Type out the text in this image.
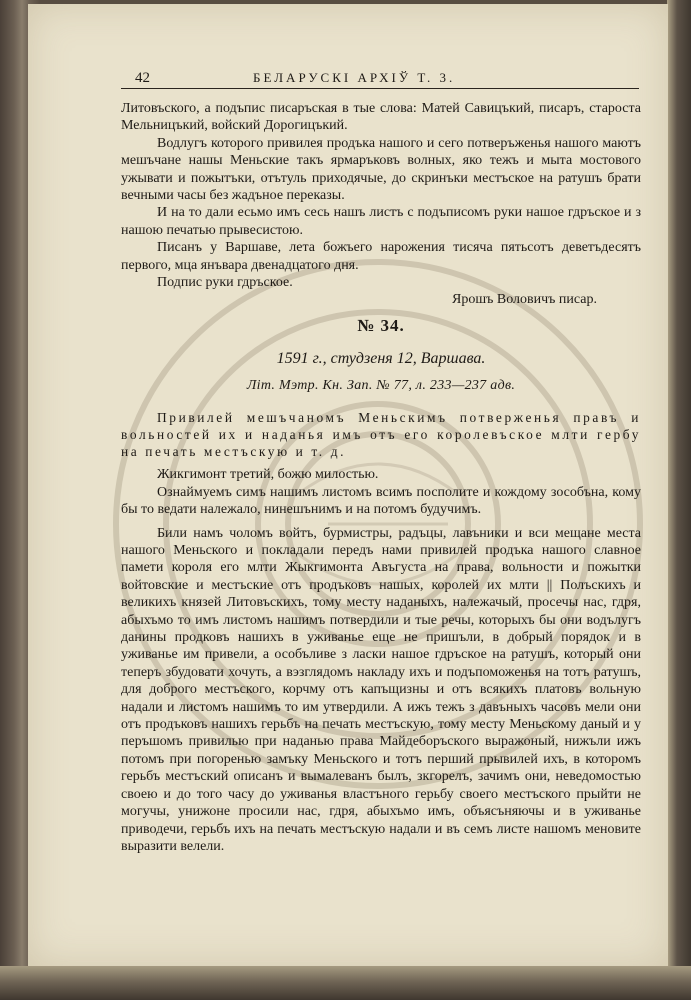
42	БЕЛАРУСКІ АРХІЎ Т. 3.

Литовъского, а подъпис писаръская в тые слова: Матей Савицъкий, писаръ, староста Мельницъкий, войский Дорогицъкий.

Водлугъ которого привилея продъка нашого и сего потверъженья нашого маютъ мешъчане нашы Меньские такъ ярмаръковъ волных, яко тежъ и мыта мостового ужывати и пожытъки, отътуль приходячые, до скринъки местъское на ратушъ брати вечными часы без жадъное переказы.

И на то дали есьмо имъ сесь нашъ листъ с подъписомъ руки нашое гдръское и з нашою печатью прывесистою.

Писанъ у Варшаве, лета божъего нарожения тисяча пятьсотъ деветъдесятъ первого, мца янъвара двенадцатого дня.

Подпис руки гдръское.

Ярошъ Воловичъ писар.

№ 34.
1591 г., студзеня 12, Варшава.
Літ. Мэтр. Кн. Зап. № 77, л. 233—237 адв.

Привилей мешъчаномъ Меньскимъ потверженья правъ и вольностей их и наданья имъ отъ его королевъское млти гербу на печать местъскую и т. д.

Жикгимонт третий, божю милостью.

Ознаймуемъ симъ нашимъ листомъ всимъ посполите и кождому зособъна, кому бы то ведати належало, нинешънимъ и на потомъ будучимъ.

Били намъ чоломъ войтъ, бурмистры, радъцы, лавъники и вси мещане места нашого Меньского и покладали передъ нами привилей продъка нашого славное памети короля его млти Жыкгимонта Авъгуста на права, вольности и пожытки войтовские и местъские отъ продъковъ нашых, королей их млти || Полъскихъ и великихъ князей Литовъскихъ, тому месту наданыхъ, належачый, просечы нас, гдря, абыхъмо то имъ листомъ нашимъ потвердили и тые речы, которыхъ бы они водълугъ данины продковъ нашихъ в уживанье еще не пришъли, в добрый порядок и в уживанье им привели, а особъливе з ласки нашое гдръское на ратушъ, который они теперъ збудовати хочуть, а вэзглядомъ накладу ихъ и подъпоможенья на тотъ ратушъ, для доброго местъского, корчму отъ капъщизны и отъ всякихъ платовъ вольную надали и листомъ нашимъ то им утвердили. А ижъ тежъ з давъныхъ часовъ мели они отъ продъковъ нашихъ герьбъ на печать местъскую, тому месту Меньскому даный и у перъшомъ привилью при наданью права Майдеборъского выражоный, нижъли ижъ потомъ при погоренью замъку Меньского и тотъ перший прывилей ихъ, в которомъ герьбъ местъский описанъ и вымалеванъ былъ, зкгорелъ, зачимъ они, неведомостью своею и до того часу до уживанья властъного герьбу своего местъского прыйти не могучы, унижоне просили нас, гдря, абыхъмо имъ, объясъняючы и в уживанье приводечи, герьбъ ихъ на печать местъскую надали и въ семъ листе нашомъ меновите выразити велели.
